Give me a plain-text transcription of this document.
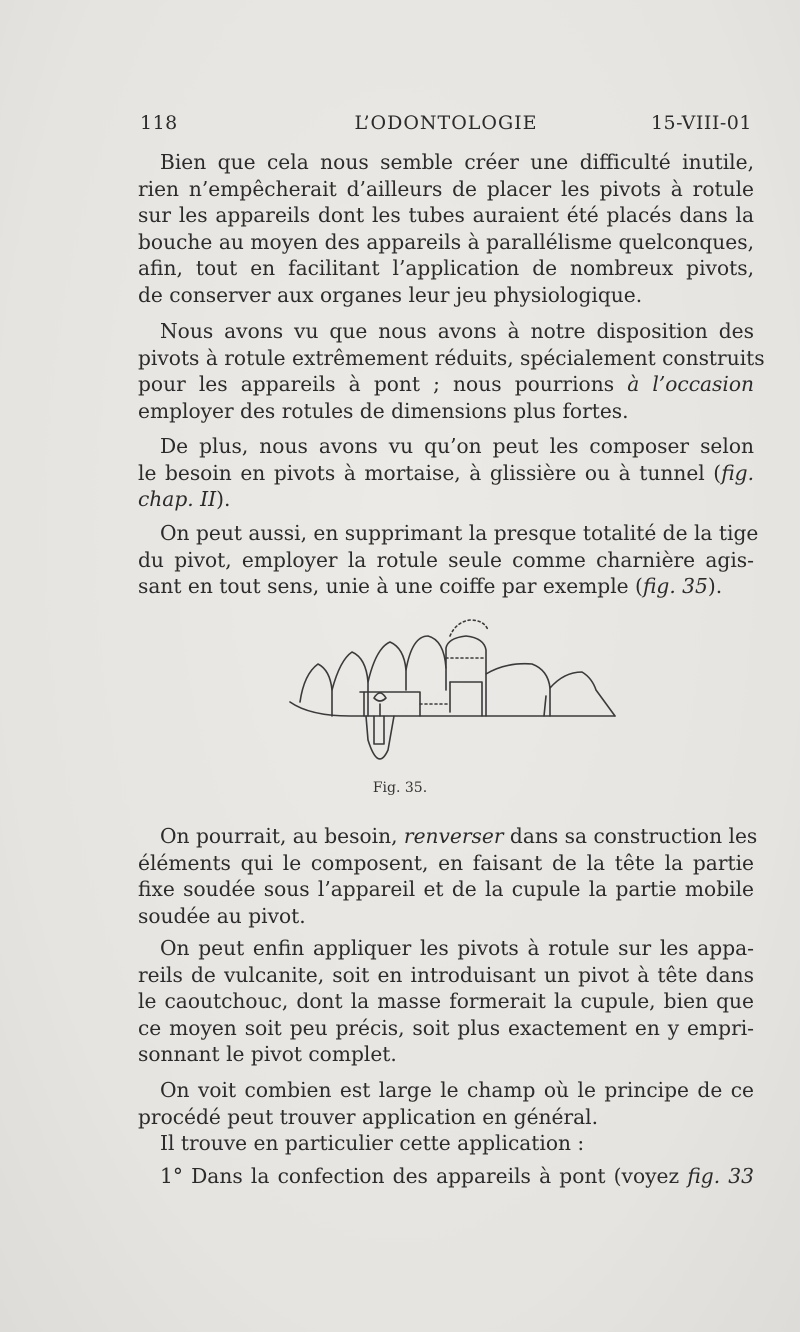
118	L’ODONTOLOGIE	15-VIII-01
Bien que cela nous semble créer une difficulté inutile,
rien n’empêcherait d’ailleurs de placer les pivots à rotule
sur les appareils dont les tubes auraient été placés dans la
bouche au moyen des appareils à parallélisme quelconques,
afin, tout en facilitant l’application de nombreux pivots,
de conserver aux organes leur jeu physiologique.
Nous avons vu que nous avons à notre disposition des
pivots à rotule extrêmement réduits, spécialement construits
pour les appareils à pont ; nous pourrions à l’occasion
employer des rotules de dimensions plus fortes.
De plus, nous avons vu qu’on peut les composer selon
le besoin en pivots à mortaise, à glissière ou à tunnel (fig.
chap. II).
On peut aussi, en supprimant la presque totalité de la tige
du pivot, employer la rotule seule comme charnière agis-
sant en tout sens, unie à une coiffe par exemple (fig. 35).
Fig. 35.
On pourrait, au besoin, renverser dans sa construction les
éléments qui le composent, en faisant de la tête la partie
fixe soudée sous l’appareil et de la cupule la partie mobile
soudée au pivot.
On peut enfin appliquer les pivots à rotule sur les appa-
reils de vulcanite, soit en introduisant un pivot à tête dans
le caoutchouc, dont la masse formerait la cupule, bien que
ce moyen soit peu précis, soit plus exactement en y empri-
sonnant le pivot complet.
On voit combien est large le champ où le principe de ce
procédé peut trouver application en général.
Il trouve en particulier cette application :
1° Dans la confection des appareils à pont (voyez fig. 33
